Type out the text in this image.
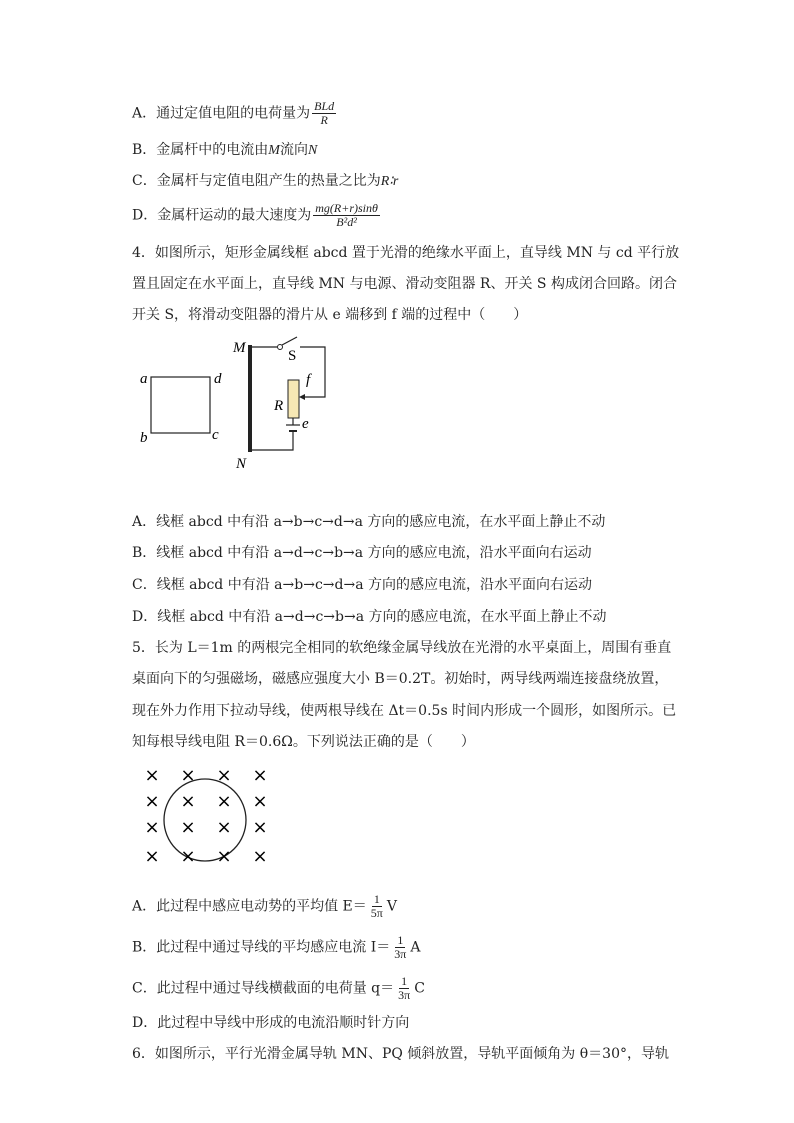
A．通过定值电阻的电荷量为 $\frac{\text{BLd}}{R}$
B．金属杆中的电流由M流向N
C．金属杆与定值电阻产生的热量之比为R∶r
D．金属杆运动的最大速度为 $\frac{mg(R+r)\sin\theta}{\text{B²d²}}$
4．如图所示，矩形金属线框 abcd 置于光滑的绝缘水平面上，直导线 MN 与 cd 平行放
置且固定在水平面上，直导线 MN 与电源、滑动变阻器 R、开关 S 构成闭合回路。闭合
开关 S，将滑动变阻器的滑片从 e 端移到 f 端的过程中（　　）
a	d
b	c
M
N
S
R
f
e
A．线框 abcd 中有沿 a→b→c→d→a 方向的感应电流，在水平面上静止不动
B．线框 abcd 中有沿 a→d→c→b→a 方向的感应电流，沿水平面向右运动
C．线框 abcd 中有沿 a→b→c→d→a 方向的感应电流，沿水平面向右运动
D．线框 abcd 中有沿 a→d→c→b→a 方向的感应电流，在水平面上静止不动
5．长为 L＝1m 的两根完全相同的软绝缘金属导线放在光滑的水平桌面上，周围有垂直
桌面向下的匀强磁场，磁感应强度大小 B＝0.2T。初始时，两导线两端连接盘绕放置，
现在外力作用下拉动导线，使两根导线在 Δt＝0.5s 时间内形成一个圆形，如图所示。已
知每根导线电阻 R＝0.6Ω。下列说法正确的是（　　）
× × × ×
× × × ×
× × × ×
× × × ×
A．此过程中感应电动势的平均值 $E= \frac{1}{5\pi}$ V
B．此过程中通过导线的平均感应电流 $I= \frac{1}{3\pi}$ A
C．此过程中通过导线横截面的电荷量 $q= \frac{1}{3\pi}$ C
D．此过程中导线中形成的电流沿顺时针方向
6．如图所示，平行光滑金属导轨 MN、PQ 倾斜放置，导轨平面倾角为 θ＝30°，导轨
